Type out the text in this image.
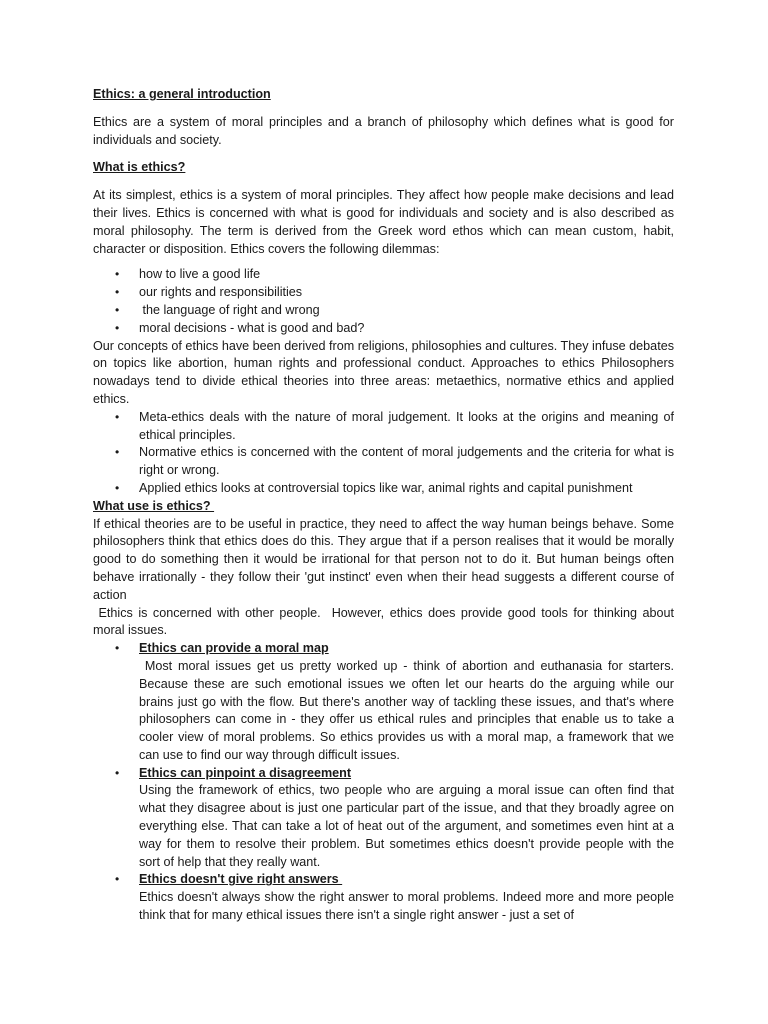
Ethics: a general introduction

Ethics are a system of moral principles and a branch of philosophy which defines what is good for individuals and society.

What is ethics?

At its simplest, ethics is a system of moral principles. They affect how people make decisions and lead their lives. Ethics is concerned with what is good for individuals and society and is also described as moral philosophy. The term is derived from the Greek word ethos which can mean custom, habit, character or disposition. Ethics covers the following dilemmas:

• how to live a good life
• our rights and responsibilities
• the language of right and wrong
• moral decisions - what is good and bad?

Our concepts of ethics have been derived from religions, philosophies and cultures. They infuse debates on topics like abortion, human rights and professional conduct. Approaches to ethics Philosophers nowadays tend to divide ethical theories into three areas: metaethics, normative ethics and applied ethics.

• Meta-ethics deals with the nature of moral judgement. It looks at the origins and meaning of ethical principles.

• Normative ethics is concerned with the content of moral judgements and the criteria for what is right or wrong.

• Applied ethics looks at controversial topics like war, animal rights and capital punishment

What use is ethics?

If ethical theories are to be useful in practice, they need to affect the way human beings behave. Some philosophers think that ethics does do this. They argue that if a person realises that it would be morally good to do something then it would be irrational for that person not to do it. But human beings often behave irrationally - they follow their 'gut instinct' even when their head suggests a different course of action

Ethics is concerned with other people.  However, ethics does provide good tools for thinking about moral issues.

• Ethics can provide a moral map

Most moral issues get us pretty worked up - think of abortion and euthanasia for starters. Because these are such emotional issues we often let our hearts do the arguing while our brains just go with the flow. But there's another way of tackling these issues, and that's where philosophers can come in - they offer us ethical rules and principles that enable us to take a cooler view of moral problems. So ethics provides us with a moral map, a framework that we can use to find our way through difficult issues.

• Ethics can pinpoint a disagreement

Using the framework of ethics, two people who are arguing a moral issue can often find that what they disagree about is just one particular part of the issue, and that they broadly agree on everything else. That can take a lot of heat out of the argument, and sometimes even hint at a way for them to resolve their problem. But sometimes ethics doesn't provide people with the sort of help that they really want.

• Ethics doesn't give right answers

Ethics doesn't always show the right answer to moral problems. Indeed more and more people think that for many ethical issues there isn't a single right answer - just a set of
